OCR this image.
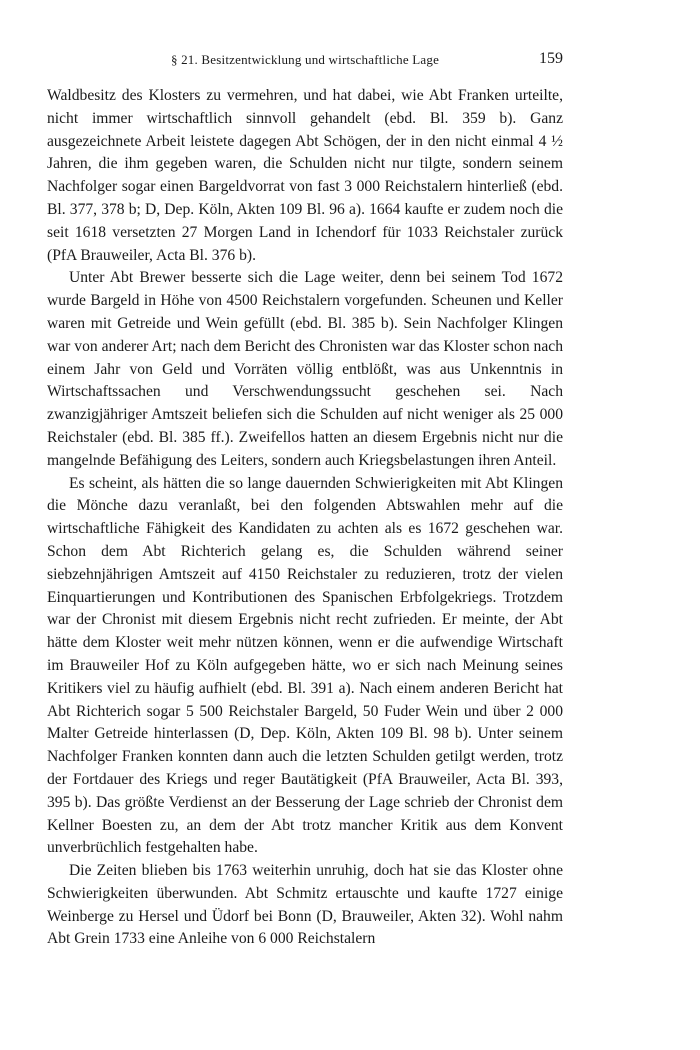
§ 21. Besitzentwicklung und wirtschaftliche Lage	159

Waldbesitz des Klosters zu vermehren, und hat dabei, wie Abt Franken urteilte, nicht immer wirtschaftlich sinnvoll gehandelt (ebd. Bl. 359 b). Ganz ausgezeichnete Arbeit leistete dagegen Abt Schögen, der in den nicht einmal 4 ½ Jahren, die ihm gegeben waren, die Schulden nicht nur tilgte, sondern seinem Nachfolger sogar einen Bargeldvorrat von fast 3 000 Reichstalern hinterließ (ebd. Bl. 377, 378 b; D, Dep. Köln, Akten 109 Bl. 96 a). 1664 kaufte er zudem noch die seit 1618 versetzten 27 Morgen Land in Ichendorf für 1033 Reichstaler zurück (PfA Brauweiler, Acta Bl. 376 b).

Unter Abt Brewer besserte sich die Lage weiter, denn bei seinem Tod 1672 wurde Bargeld in Höhe von 4500 Reichstalern vorgefunden. Scheunen und Keller waren mit Getreide und Wein gefüllt (ebd. Bl. 385 b). Sein Nachfolger Klingen war von anderer Art; nach dem Bericht des Chronisten war das Kloster schon nach einem Jahr von Geld und Vorräten völlig entblößt, was aus Unkenntnis in Wirtschaftssachen und Verschwendungssucht geschehen sei. Nach zwanzigjähriger Amtszeit beliefen sich die Schulden auf nicht weniger als 25 000 Reichstaler (ebd. Bl. 385 ff.). Zweifellos hatten an diesem Ergebnis nicht nur die mangelnde Befähigung des Leiters, sondern auch Kriegsbelastungen ihren Anteil.

Es scheint, als hätten die so lange dauernden Schwierigkeiten mit Abt Klingen die Mönche dazu veranlaßt, bei den folgenden Abtswahlen mehr auf die wirtschaftliche Fähigkeit des Kandidaten zu achten als es 1672 geschehen war. Schon dem Abt Richterich gelang es, die Schulden während seiner siebzehnjährigen Amtszeit auf 4150 Reichstaler zu reduzieren, trotz der vielen Einquartierungen und Kontributionen des Spanischen Erbfolgekriegs. Trotzdem war der Chronist mit diesem Ergebnis nicht recht zufrieden. Er meinte, der Abt hätte dem Kloster weit mehr nützen können, wenn er die aufwendige Wirtschaft im Brauweiler Hof zu Köln aufgegeben hätte, wo er sich nach Meinung seines Kritikers viel zu häufig aufhielt (ebd. Bl. 391 a). Nach einem anderen Bericht hat Abt Richterich sogar 5 500 Reichstaler Bargeld, 50 Fuder Wein und über 2 000 Malter Getreide hinterlassen (D, Dep. Köln, Akten 109 Bl. 98 b). Unter seinem Nachfolger Franken konnten dann auch die letzten Schulden getilgt werden, trotz der Fortdauer des Kriegs und reger Bautätigkeit (PfA Brauweiler, Acta Bl. 393, 395 b). Das größte Verdienst an der Besserung der Lage schrieb der Chronist dem Kellner Boesten zu, an dem der Abt trotz mancher Kritik aus dem Konvent unverbrüchlich festgehalten habe.

Die Zeiten blieben bis 1763 weiterhin unruhig, doch hat sie das Kloster ohne Schwierigkeiten überwunden. Abt Schmitz ertauschte und kaufte 1727 einige Weinberge zu Hersel und Üdorf bei Bonn (D, Brauweiler, Akten 32). Wohl nahm Abt Grein 1733 eine Anleihe von 6 000 Reichstalern
